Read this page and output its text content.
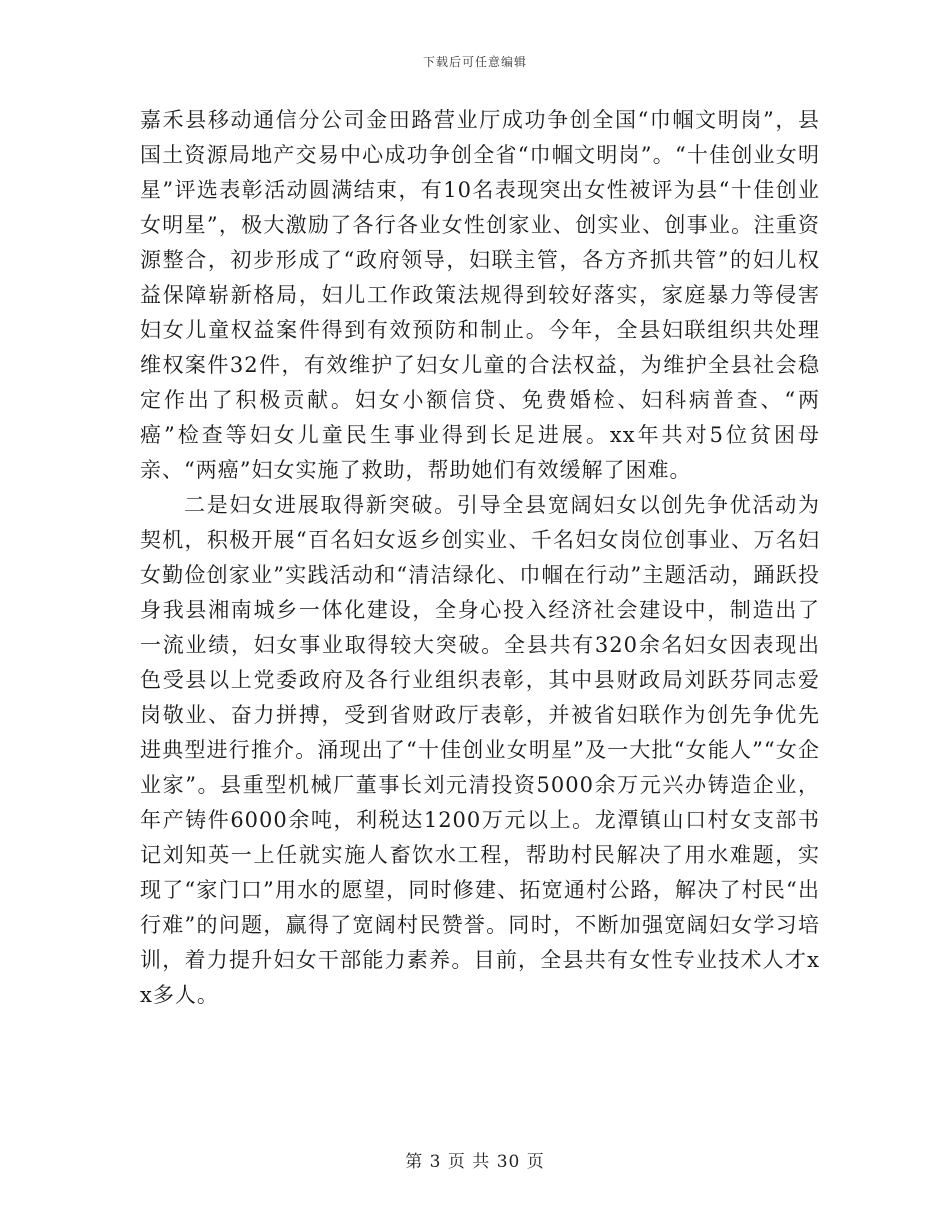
下载后可任意编辑

嘉禾县移动通信分公司金田路营业厅成功争创全国“巾帼文明岗”，县国土资源局地产交易中心成功争创全省“巾帼文明岗”。“十佳创业女明星”评选表彰活动圆满结束，有10名表现突出女性被评为县“十佳创业女明星”，极大激励了各行各业女性创家业、创实业、创事业。注重资源整合，初步形成了“政府领导，妇联主管，各方齐抓共管”的妇儿权益保障崭新格局，妇儿工作政策法规得到较好落实，家庭暴力等侵害妇女儿童权益案件得到有效预防和制止。今年，全县妇联组织共处理维权案件32件，有效维护了妇女儿童的合法权益，为维护全县社会稳定作出了积极贡献。妇女小额信贷、免费婚检、妇科病普查、“两癌”检查等妇女儿童民生事业得到长足进展。xx年共对5位贫困母亲、“两癌”妇女实施了救助，帮助她们有效缓解了困难。

二是妇女进展取得新突破。引导全县宽阔妇女以创先争优活动为契机，积极开展“百名妇女返乡创实业、千名妇女岗位创事业、万名妇女勤俭创家业”实践活动和“清洁绿化、巾帼在行动”主题活动，踊跃投身我县湘南城乡一体化建设，全身心投入经济社会建设中，制造出了一流业绩，妇女事业取得较大突破。全县共有320余名妇女因表现出色受县以上党委政府及各行业组织表彰，其中县财政局刘跃芬同志爱岗敬业、奋力拼搏，受到省财政厅表彰，并被省妇联作为创先争优先进典型进行推介。涌现出了“十佳创业女明星”及一大批“女能人”“女企业家”。县重型机械厂董事长刘元清投资5000余万元兴办铸造企业，年产铸件6000余吨，利税达1200万元以上。龙潭镇山口村女支部书记刘知英一上任就实施人畜饮水工程，帮助村民解决了用水难题，实现了“家门口”用水的愿望，同时修建、拓宽通村公路，解决了村民“出行难”的问题，赢得了宽阔村民赞誉。同时，不断加强宽阔妇女学习培训，着力提升妇女干部能力素养。目前，全县共有女性专业技术人才xx多人。

第 3 页 共 30 页
